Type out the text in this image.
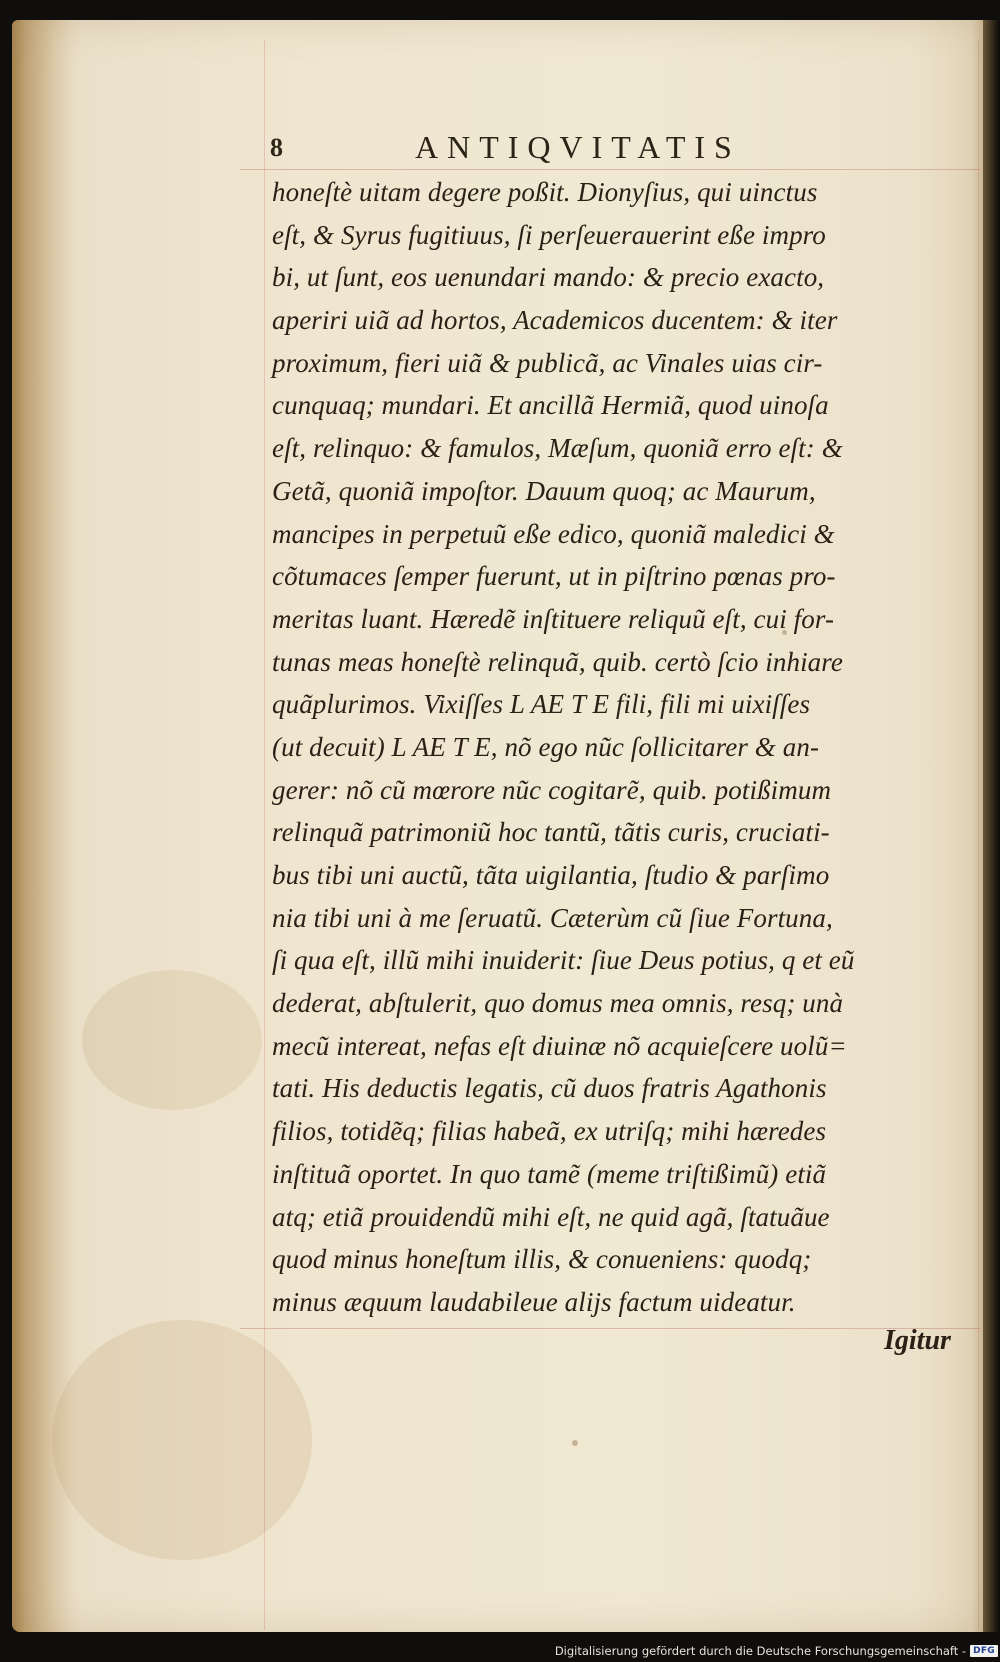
8	ANTIQVITATIS
honeſtè uitam degere poßit. Dionyſius, qui uinctus
eſt, & Syrus fugitiuus, ſi perſeuerauerint eße impro
bi, ut ſunt, eos uenundari mando: & precio exacto,
aperiri uiã ad hortos, Academicos ducentem: & iter
proximum, fieri uiã & publicã, ac Vinales uias cir-
cunquaq; mundari. Et ancillã Hermiã, quod uinoſa
eſt, relinquo: & famulos, Mæſum, quoniã erro eſt: &
Getã, quoniã impoſtor. Dauum quoq; ac Maurum,
mancipes in perpetuũ eße edico, quoniã maledici &
cõtumaces ſemper fuerunt, ut in piſtrino pœnas pro-
meritas luant. Hæredẽ inſtituere reliquũ eſt, cui for-
tunas meas honeſtè relinquã, quib. certò ſcio inhiare
quãplurimos. Vixiſſes L AE T E fili, fili mi uixiſſes
(ut decuit) L AE T E, nõ ego nũc ſollicitarer & an-
gerer: nõ cũ mœrore nũc cogitarẽ, quib. potißimum
relinquã patrimoniũ hoc tantũ, tãtis curis, cruciati-
bus tibi uni auctũ, tãta uigilantia, ſtudio & parſimo
nia tibi uni à me ſeruatũ. Cæterùm cũ ſiue Fortuna,
ſi qua eſt, illũ mihi inuiderit: ſiue Deus potius, q et eũ
dederat, abſtulerit, quo domus mea omnis, resq; unà
mecũ intereat, nefas eſt diuinæ nõ acquieſcere uolũ=
tati. His deductis legatis, cũ duos fratris Agathonis
filios, totidẽq; filias habeã, ex utriſq; mihi hæredes
inſtituã oportet. In quo tamẽ (meme triſtißimũ) etiã
atq; etiã prouidendũ mihi eſt, ne quid agã, ſtatuãue
quod minus honeſtum illis, & conueniens: quodq;
minus æquum laudabileue alijs factum uideatur.
Igitur
Digitalisierung gefördert durch die Deutsche Forschungsgemeinschaft - DFG
